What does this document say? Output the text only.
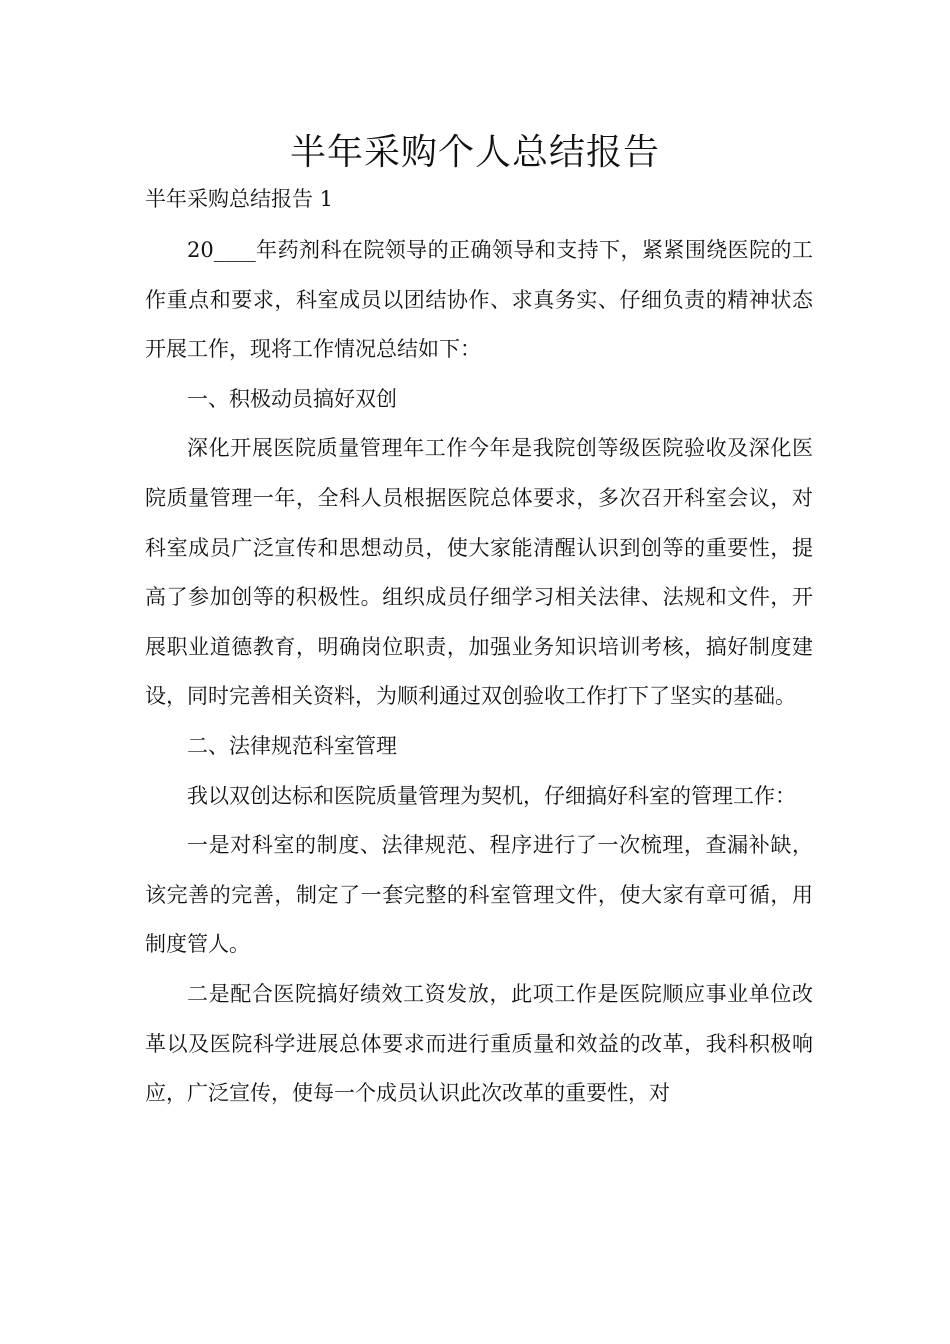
半年采购个人总结报告

半年采购总结报告 1

20____年药剂科在院领导的正确领导和支持下，紧紧围绕医院的工作重点和要求，科室成员以团结协作、求真务实、仔细负责的精神状态开展工作，现将工作情况总结如下：

一、积极动员搞好双创

深化开展医院质量管理年工作今年是我院创等级医院验收及深化医院质量管理一年，全科人员根据医院总体要求，多次召开科室会议，对科室成员广泛宣传和思想动员，使大家能清醒认识到创等的重要性，提高了参加创等的积极性。组织成员仔细学习相关法律、法规和文件，开展职业道德教育，明确岗位职责，加强业务知识培训考核，搞好制度建设，同时完善相关资料，为顺利通过双创验收工作打下了坚实的基础。

二、法律规范科室管理

我以双创达标和医院质量管理为契机，仔细搞好科室的管理工作：

一是对科室的制度、法律规范、程序进行了一次梳理，查漏补缺，该完善的完善，制定了一套完整的科室管理文件，使大家有章可循，用制度管人。

二是配合医院搞好绩效工资发放，此项工作是医院顺应事业单位改革以及医院科学进展总体要求而进行重质量和效益的改革，我科积极响应，广泛宣传，使每一个成员认识此次改革的重要性，对
